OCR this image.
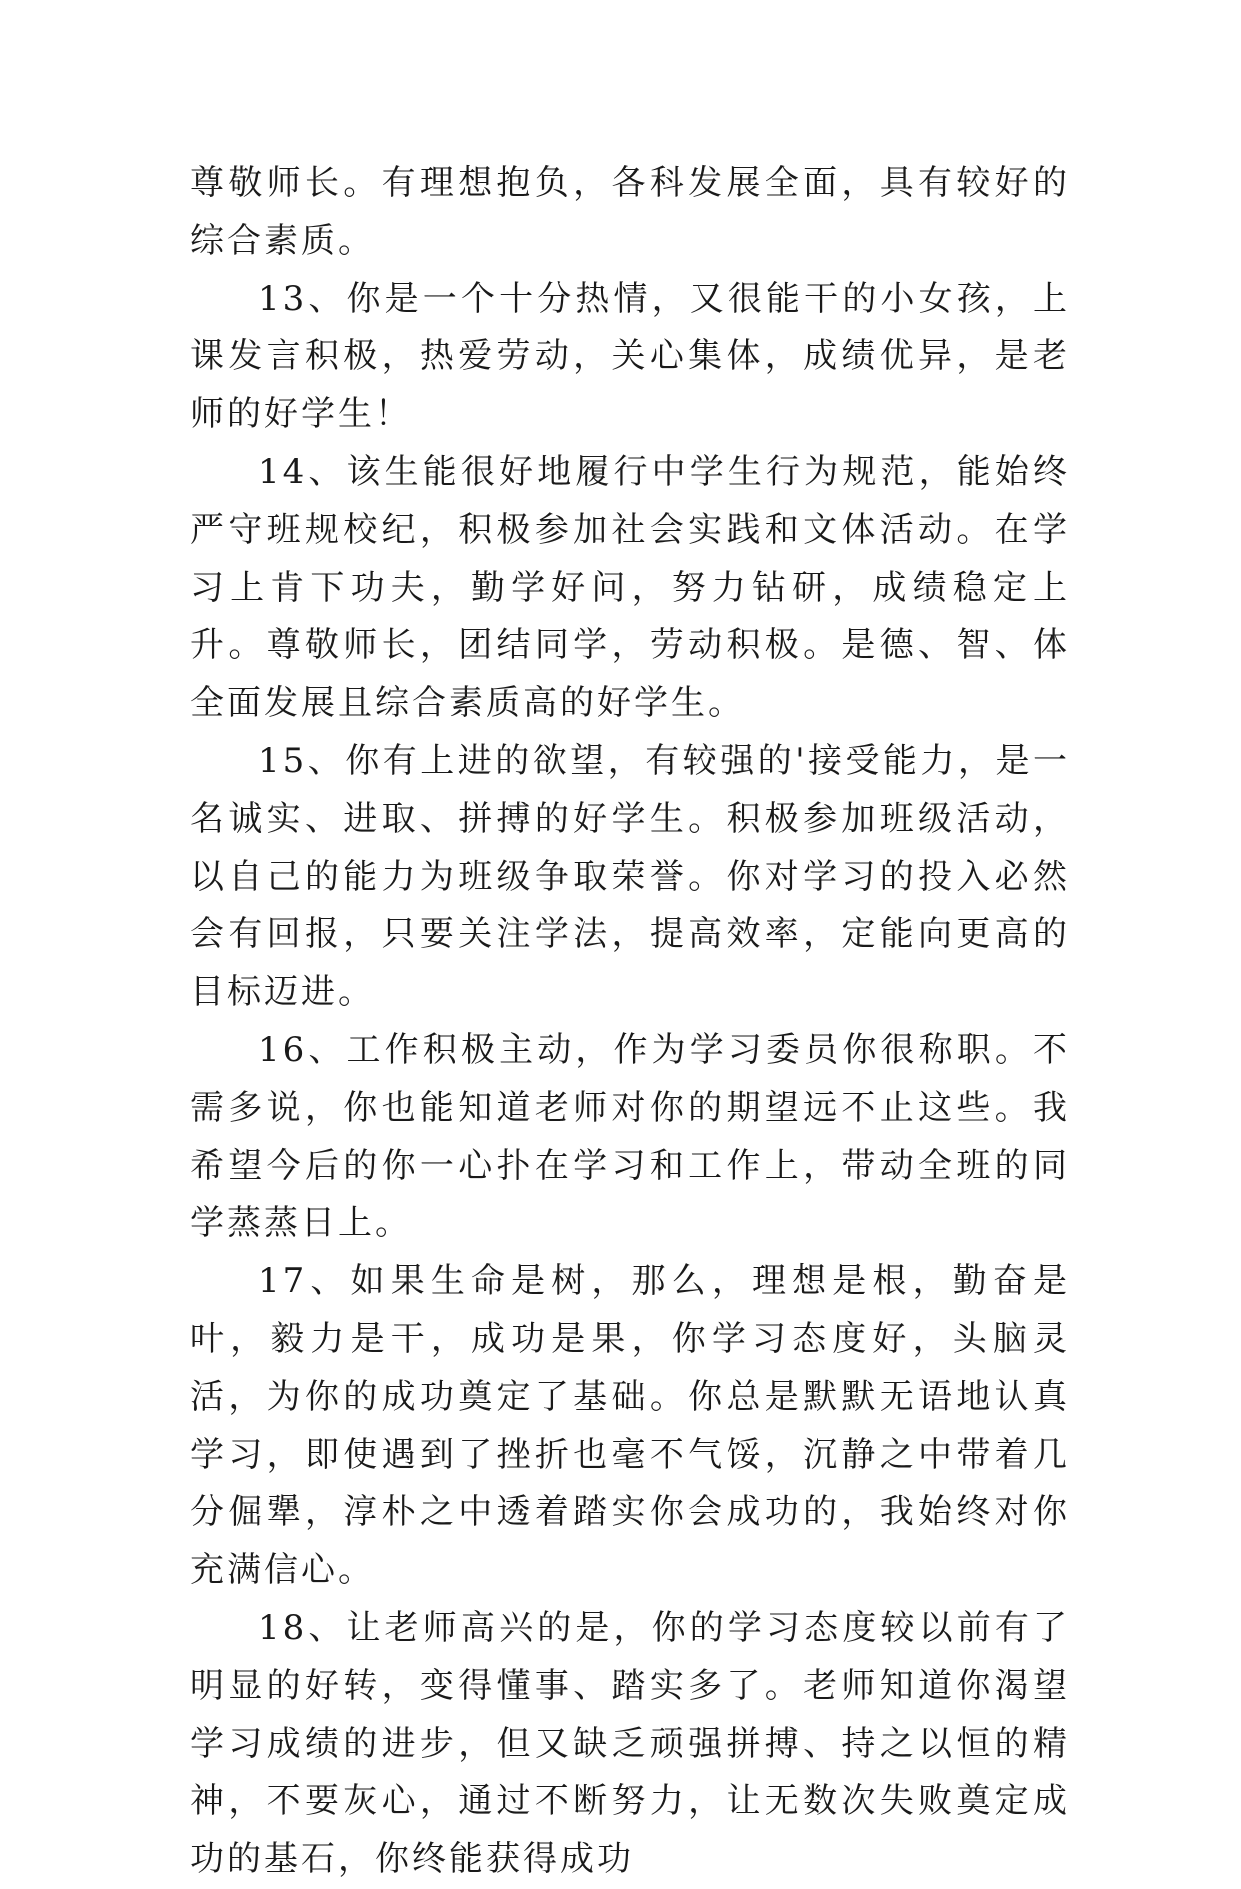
尊敬师长。有理想抱负，各科发展全面，具有较好的综合素质。

13、你是一个十分热情，又很能干的小女孩，上课发言积极，热爱劳动，关心集体，成绩优异，是老师的好学生！

14、该生能很好地履行中学生行为规范，能始终严守班规校纪，积极参加社会实践和文体活动。在学习上肯下功夫，勤学好问，努力钻研，成绩稳定上升。尊敬师长，团结同学，劳动积极。是德、智、体全面发展且综合素质高的好学生。

15、你有上进的欲望，有较强的'接受能力，是一名诚实、进取、拼搏的好学生。积极参加班级活动，以自己的能力为班级争取荣誉。你对学习的投入必然会有回报，只要关注学法，提高效率，定能向更高的目标迈进。

16、工作积极主动，作为学习委员你很称职。不需多说，你也能知道老师对你的期望远不止这些。我希望今后的你一心扑在学习和工作上，带动全班的同学蒸蒸日上。

17、如果生命是树，那么，理想是根，勤奋是叶，毅力是干，成功是果，你学习态度好，头脑灵活，为你的成功奠定了基础。你总是默默无语地认真学习，即使遇到了挫折也毫不气馁，沉静之中带着几分倔犟，淳朴之中透着踏实你会成功的，我始终对你充满信心。

18、让老师高兴的是，你的学习态度较以前有了明显的好转，变得懂事、踏实多了。老师知道你渴望学习成绩的进步，但又缺乏顽强拼搏、持之以恒的精神，不要灰心，通过不断努力，让无数次失败奠定成功的基石，你终能获得成功
